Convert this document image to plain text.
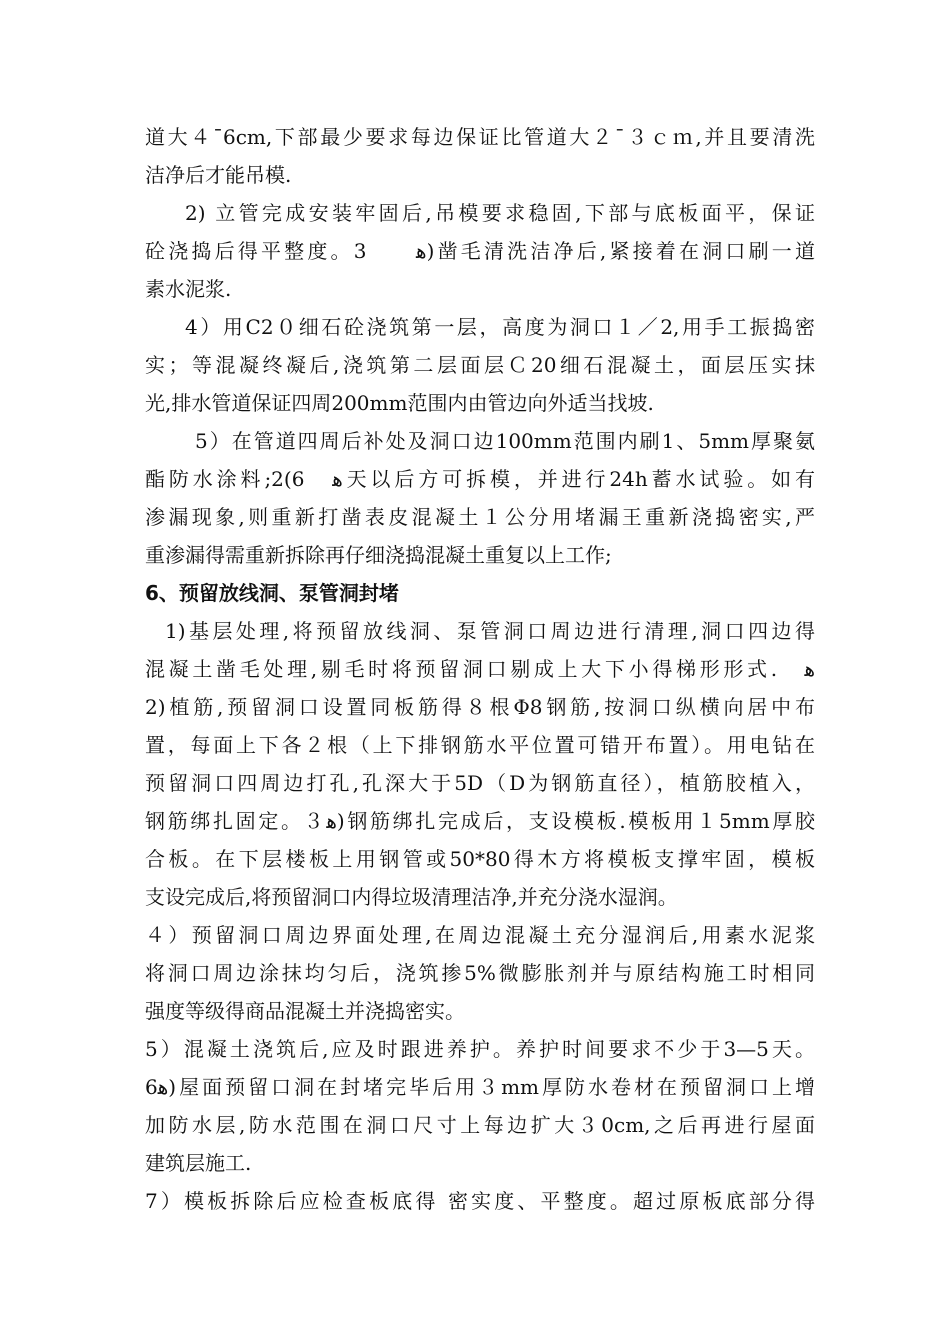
道大４¯6cm,下部最少要求每边保证比管道大２¯３ｃｍ,并且要清洗
洁净后才能吊模.
2) 立管完成安装牢固后,吊模要求稳固,下部与底板面平，保证
砼浇捣后得平整度。3　　ﻫ)凿毛清洗洁净后,紧接着在洞口刷一道
素水泥浆.
4）用C2０细石砼浇筑第一层，高度为洞口１／2,用手工振捣密
实；等混凝终凝后,浇筑第二层面层Ｃ20细石混凝土，面层压实抹
光,排水管道保证四周200mm范围内由管边向外适当找坡.
5）在管道四周后补处及洞口边100mm范围内刷1、5mm厚聚氨
酯防水涂料;2(6　ﻫ天以后方可拆模，并进行24h蓄水试验。如有
渗漏现象,则重新打凿表皮混凝土１公分用堵漏王重新浇捣密实,严
重渗漏得需重新拆除再仔细浇捣混凝土重复以上工作;
6、预留放线洞、泵管洞封堵
1)基层处理,将预留放线洞、泵管洞口周边进行清理,洞口四边得
混凝土凿毛处理,剔毛时将预留洞口剔成上大下小得梯形形式.　ﻫ
2)植筋,预留洞口设置同板筋得８根Φ8钢筋,按洞口纵横向居中布
置，每面上下各２根（上下排钢筋水平位置可错开布置）。用电钻在
预留洞口四周边打孔,孔深大于5D（D为钢筋直径），植筋胶植入，
钢筋绑扎固定。３ﻫ)钢筋绑扎完成后，支设模板.模板用１5mm厚胶
合板。在下层楼板上用钢管或50*80得木方将模板支撑牢固，模板
支设完成后,将预留洞口内得垃圾清理洁净,并充分浇水湿润。
４）预留洞口周边界面处理,在周边混凝土充分湿润后,用素水泥浆
将洞口周边涂抹均匀后，浇筑掺5%微膨胀剂并与原结构施工时相同
强度等级得商品混凝土并浇捣密实。
5）混凝土浇筑后,应及时跟进养护。养护时间要求不少于3—5天。
6ﻫ)屋面预留口洞在封堵完毕后用３mm厚防水卷材在预留洞口上增
加防水层,防水范围在洞口尺寸上每边扩大３0cm,之后再进行屋面
建筑层施工.
7）模板拆除后应检查板底得 密实度、平整度。超过原板底部分得
